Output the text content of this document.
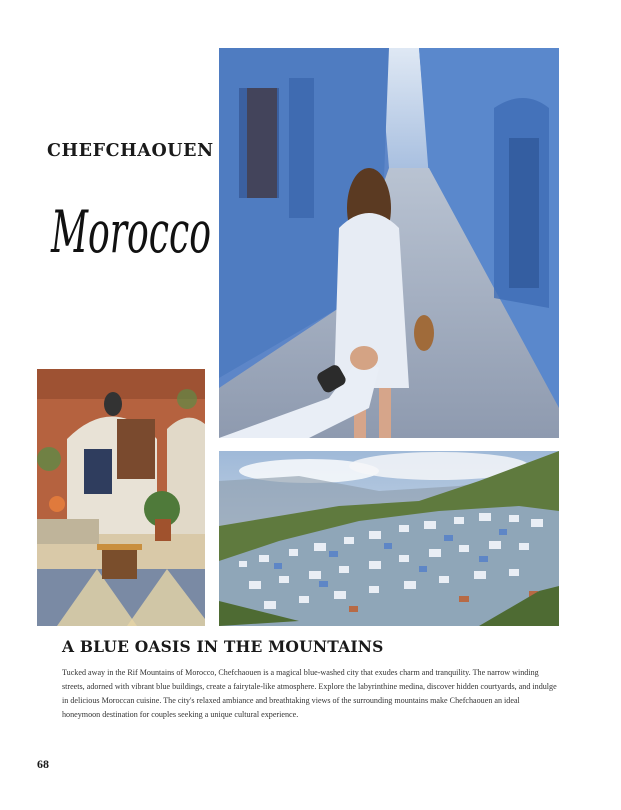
CHEFCHAOUEN
Morocco
A BLUE OASIS IN THE MOUNTAINS
Tucked away in the Rif Mountains of Morocco, Chefchaouen is a magical blue-washed city that exudes charm and tranquility. The narrow winding streets, adorned with vibrant blue buildings, create a fairytale-like atmosphere. Explore the labyrinthine medina, discover hidden courtyards, and indulge in delicious Moroccan cuisine. The city's relaxed ambiance and breathtaking views of the surrounding mountains make Chefchaouen an ideal honeymoon destination for couples seeking a unique cultural experience.
68
